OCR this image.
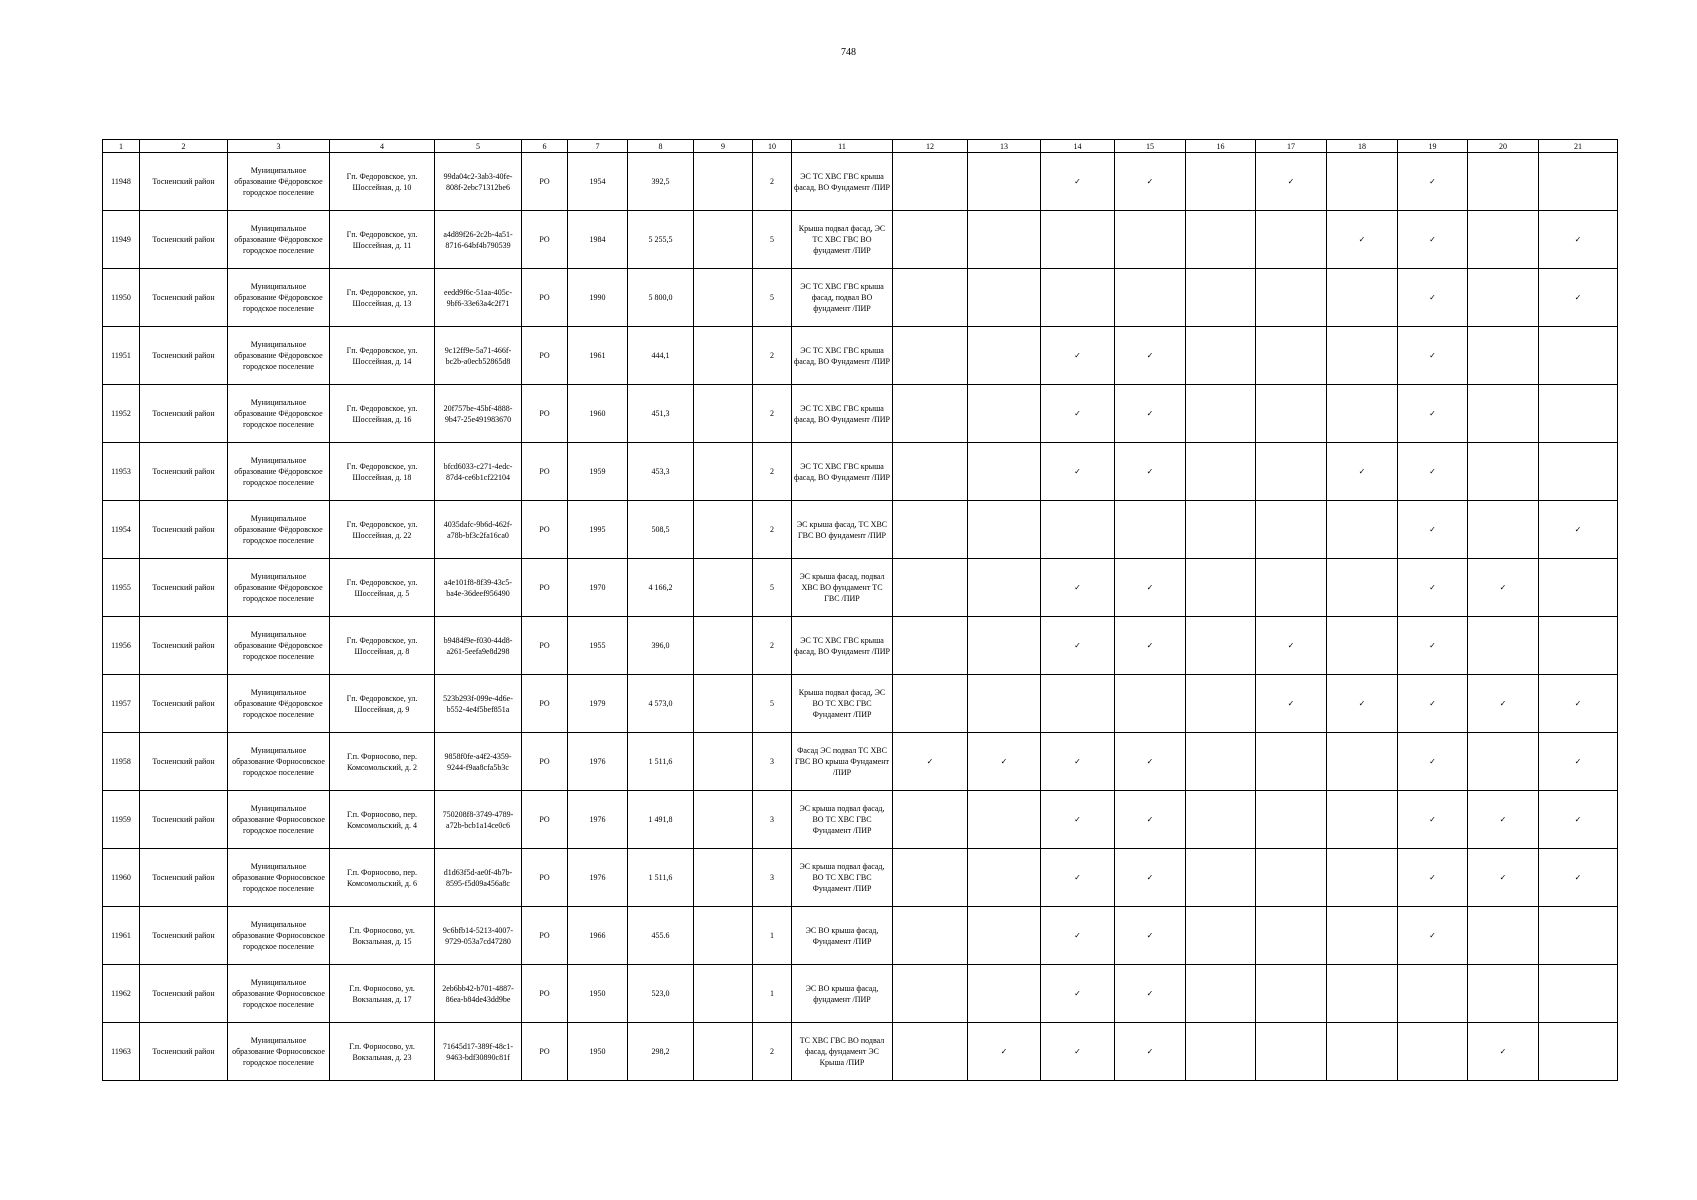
748
1	2	3	4	5	6	7	8	9	10	11	12	13	14	15	16	17	18	19	20	21
11948	Тосненский район	Муниципальное образование Фёдоровское городское поселение	Гп. Федоровское, ул. Шоссейная, д. 10	99da04c2-3ab3-40fe-808f-2ebc71312be6	РО	1954	392,5		2	ЭС ТС ХВС ГВС крыша фасад, ВО Фундамент /ПИР			✓	✓		✓		✓		
11949	Тосненский район	Муниципальное образование Фёдоровское городское поселение	Гп. Федоровское, ул. Шоссейная, д. 11	a4d89f26-2c2b-4a51-8716-64bf4b790539	РО	1984	5 255,5		5	Крыша подвал фасад, ЭС ТС ХВС ГВС ВО фундамент /ПИР							✓	✓		✓
11950	Тосненский район	Муниципальное образование Фёдоровское городское поселение	Гп. Федоровское, ул. Шоссейная, д. 13	eedd9f6c-51aa-405c-9bf6-33e63a4c2f71	РО	1990	5 800,0		5	ЭС ТС ХВС ГВС крыша фасад, подвал ВО фундамент /ПИР								✓		✓
11951	Тосненский район	Муниципальное образование Фёдоровское городское поселение	Гп. Федоровское, ул. Шоссейная, д. 14	9c12ff9e-5a71-466f-bc2b-a0ecb52865d8	РО	1961	444,1		2	ЭС ТС ХВС ГВС крыша фасад, ВО Фундамент /ПИР			✓	✓				✓		
11952	Тосненский район	Муниципальное образование Фёдоровское городское поселение	Гп. Федоровское, ул. Шоссейная, д. 16	20f757be-45bf-4888-9b47-25e491983670	РО	1960	451,3		2	ЭС ТС ХВС ГВС крыша фасад, ВО Фундамент /ПИР			✓	✓				✓		
11953	Тосненский район	Муниципальное образование Фёдоровское городское поселение	Гп. Федоровское, ул. Шоссейная, д. 18	bfcd6033-c271-4edc-87d4-ce6b1cf22104	РО	1959	453,3		2	ЭС ТС ХВС ГВС крыша фасад, ВО Фундамент /ПИР			✓	✓			✓	✓		
11954	Тосненский район	Муниципальное образование Фёдоровское городское поселение	Гп. Федоровское, ул. Шоссейная, д. 22	4035dafc-9b6d-462f-a78b-bf3c2fa16ca0	РО	1995	508,5		2	ЭС крыша фасад, ТС ХВС ГВС ВО фундамент /ПИР								✓		✓
11955	Тосненский район	Муниципальное образование Фёдоровское городское поселение	Гп. Федоровское, ул. Шоссейная, д. 5	a4e101f8-8f39-43c5-ba4e-36deef956490	РО	1970	4 166,2		5	ЭС крыша фасад, подвал ХВС ВО фундамент ТС ГВС /ПИР			✓	✓				✓	✓	
11956	Тосненский район	Муниципальное образование Фёдоровское городское поселение	Гп. Федоровское, ул. Шоссейная, д. 8	b9484f9e-f030-44d8-a261-5eefa9e8d298	РО	1955	396,0		2	ЭС ТС ХВС ГВС крыша фасад, ВО Фундамент /ПИР			✓	✓		✓		✓		
11957	Тосненский район	Муниципальное образование Фёдоровское городское поселение	Гп. Федоровское, ул. Шоссейная, д. 9	523b293f-099e-4d6e-b552-4e4f5bef851a	РО	1979	4 573,0		5	Крыша подвал фасад, ЭС ВО ТС ХВС ГВС Фундамент /ПИР						✓	✓	✓	✓	✓
11958	Тосненский район	Муниципальное образование Форносовское городское поселение	Г.п. Форносово, пер. Комсомольский, д. 2	9858f0fe-a4f2-4359-9244-f9aa8cfa5b3c	РО	1976	1 511,6		3	Фасад ЭС подвал ТС ХВС ГВС ВО крыша Фундамент /ПИР	✓	✓	✓	✓				✓		✓
11959	Тосненский район	Муниципальное образование Форносовское городское поселение	Г.п. Форносово, пер. Комсомольский, д. 4	750208f8-3749-4789-a72b-bcb1a14ce0c6	РО	1976	1 491,8		3	ЭС крыша подвал фасад, ВО ТС ХВС ГВС Фундамент /ПИР			✓	✓				✓	✓	✓
11960	Тосненский район	Муниципальное образование Форносовское городское поселение	Г.п. Форносово, пер. Комсомольский, д. 6	d1d63f5d-ae0f-4b7b-8595-f5d09a456a8c	РО	1976	1 511,6		3	ЭС крыша подвал фасад, ВО ТС ХВС ГВС Фундамент /ПИР			✓	✓				✓	✓	✓
11961	Тосненский район	Муниципальное образование Форносовское городское поселение	Г.п. Форносово, ул. Вокзальная, д. 15	9c6bfb14-5213-4007-9729-053a7cd47280	РО	1966	455.6		1	ЭС ВО крыша фасад, Фундамент /ПИР			✓	✓				✓		
11962	Тосненский район	Муниципальное образование Форносовское городское поселение	Г.п. Форносово, ул. Вокзальная, д. 17	2eb6bb42-b701-4887-86ea-b84de43dd9be	РО	1950	523,0		1	ЭС ВО крыша фасад, фундамент /ПИР			✓	✓						
11963	Тосненский район	Муниципальное образование Форносовское городское поселение	Г.п. Форносово, ул. Вокзальная, д. 23	71645d17-389f-48c1-9463-bdf30890c81f	РО	1950	298,2		2	ТС ХВС ГВС ВО подвал фасад, фундамент ЭС Крыша /ПИР		✓	✓	✓					✓	
